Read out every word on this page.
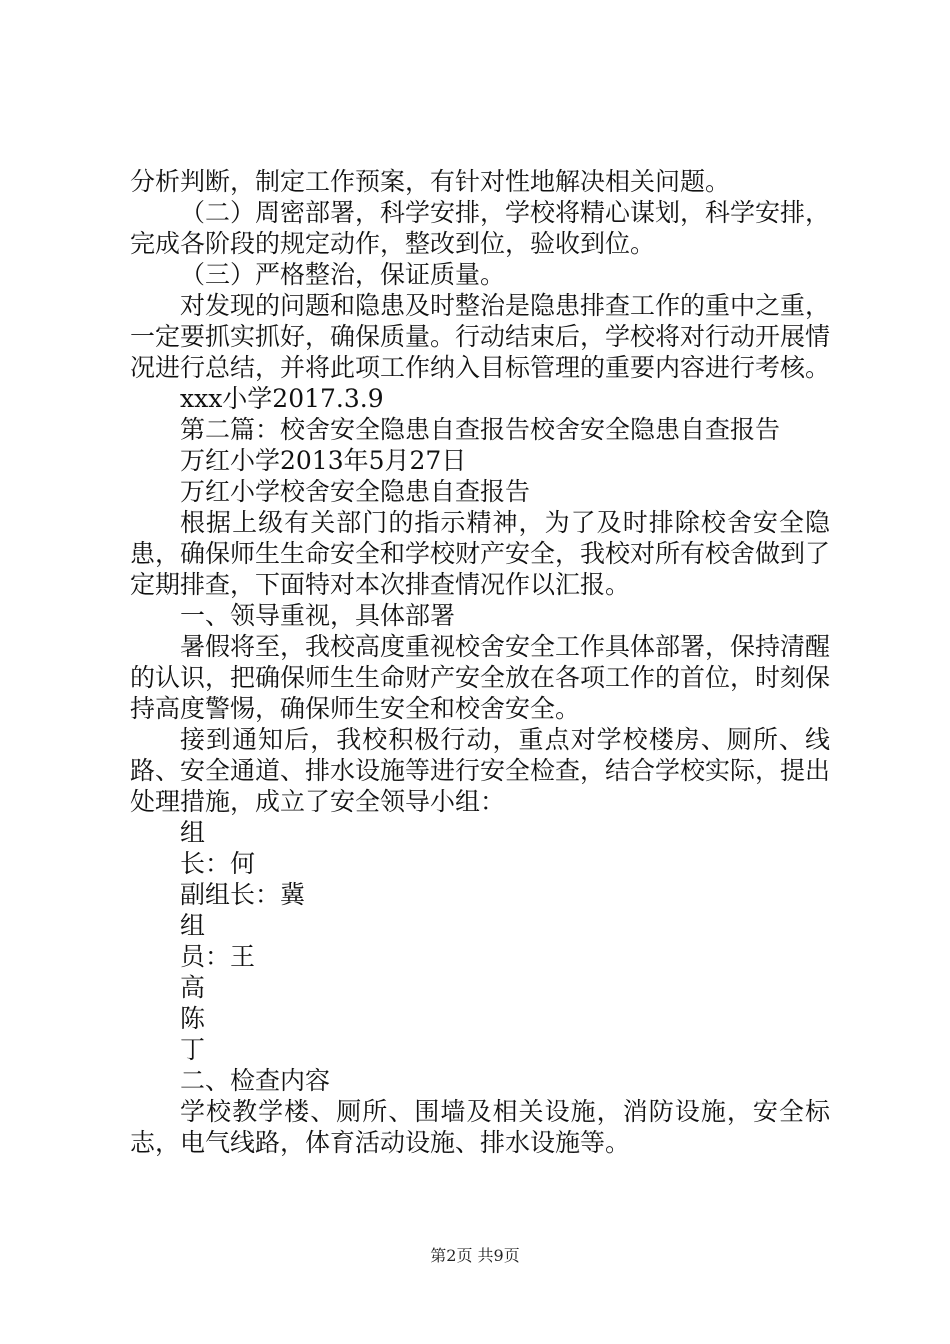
分析判断，制定工作预案，有针对性地解决相关问题。

（二）周密部署，科学安排，学校将精心谋划，科学安排，完成各阶段的规定动作，整改到位，验收到位。

（三）严格整治，保证质量。

对发现的问题和隐患及时整治是隐患排查工作的重中之重，一定要抓实抓好，确保质量。行动结束后，学校将对行动开展情况进行总结，并将此项工作纳入目标管理的重要内容进行考核。

xxx小学2017.3.9

第二篇：校舍安全隐患自查报告校舍安全隐患自查报告

万红小学2013年5月27日

万红小学校舍安全隐患自查报告

根据上级有关部门的指示精神，为了及时排除校舍安全隐患，确保师生生命安全和学校财产安全，我校对所有校舍做到了定期排查，下面特对本次排查情况作以汇报。

一、领导重视，具体部署

暑假将至，我校高度重视校舍安全工作具体部署，保持清醒的认识，把确保师生生命财产安全放在各项工作的首位，时刻保持高度警惕，确保师生安全和校舍安全。

接到通知后，我校积极行动，重点对学校楼房、厕所、线路、安全通道、排水设施等进行安全检查，结合学校实际，提出处理措施，成立了安全领导小组：

组

长：何

副组长：冀

组

员：王

高

陈

丁

二、检查内容

学校教学楼、厕所、围墙及相关设施，消防设施，安全标志，电气线路，体育活动设施、排水设施等。

第2页 共9页
